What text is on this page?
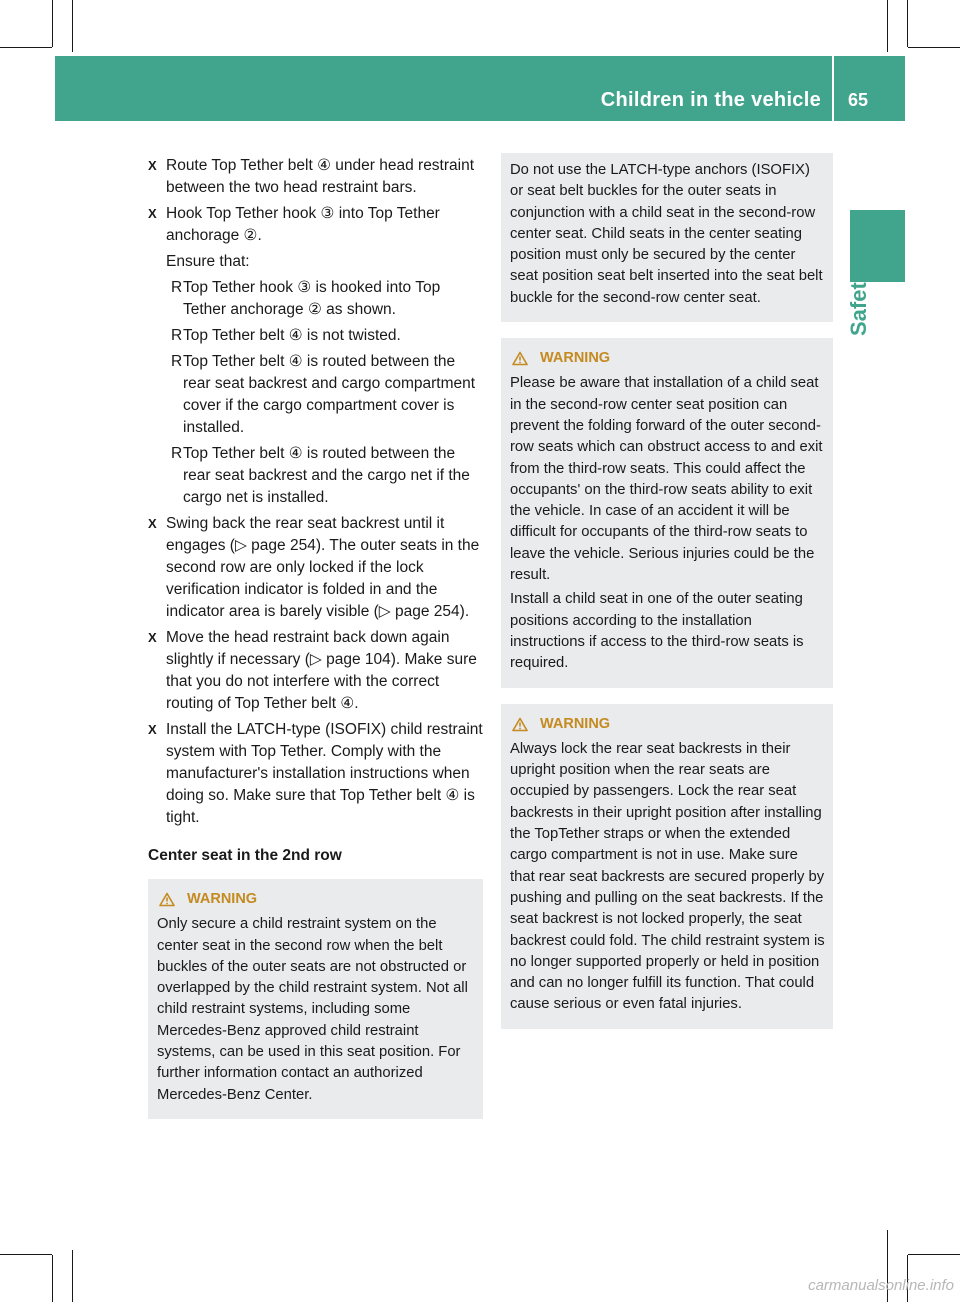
Children in the vehicle 65
Safety
X Route Top Tether belt ④ under head restraint between the two head restraint bars.
X Hook Top Tether hook ③ into Top Tether anchorage ②.
Ensure that:
R Top Tether hook ③ is hooked into Top Tether anchorage ② as shown.
R Top Tether belt ④ is not twisted.
R Top Tether belt ④ is routed between the rear seat backrest and cargo compartment cover if the cargo compartment cover is installed.
R Top Tether belt ④ is routed between the rear seat backrest and the cargo net if the cargo net is installed.
X Swing back the rear seat backrest until it engages (▷ page 254). The outer seats in the second row are only locked if the lock verification indicator is folded in and the indicator area is barely visible (▷ page 254).
X Move the head restraint back down again slightly if necessary (▷ page 104). Make sure that you do not interfere with the correct routing of Top Tether belt ④.
X Install the LATCH-type (ISOFIX) child restraint system with Top Tether. Comply with the manufacturer's installation instructions when doing so. Make sure that Top Tether belt ④ is tight.
Center seat in the 2nd row
WARNING

Only secure a child restraint system on the center seat in the second row when the belt buckles of the outer seats are not obstructed or overlapped by the child restraint system. Not all child restraint systems, including some Mercedes-Benz approved child restraint systems, can be used in this seat position. For further information contact an authorized Mercedes-Benz Center.

Do not use the LATCH-type anchors (ISOFIX) or seat belt buckles for the outer seats in conjunction with a child seat in the second-row center seat. Child seats in the center seating position must only be secured by the center seat position seat belt inserted into the seat belt buckle for the second-row center seat.

WARNING

Please be aware that installation of a child seat in the second-row center seat position can prevent the folding forward of the outer second-row seats which can obstruct access to and exit from the third-row seats. This could affect the occupants' on the third-row seats ability to exit the vehicle. In case of an accident it will be difficult for occupants of the third-row seats to leave the vehicle. Serious injuries could be the result.

Install a child seat in one of the outer seating positions according to the installation instructions if access to the third-row seats is required.

WARNING

Always lock the rear seat backrests in their upright position when the rear seats are occupied by passengers. Lock the rear seat backrests in their upright position after installing the TopTether straps or when the extended cargo compartment is not in use. Make sure that rear seat backrests are secured properly by pushing and pulling on the seat backrests. If the seat backrest is not locked properly, the seat backrest could fold. The child restraint system is no longer supported properly or held in position and can no longer fulfill its function. That could cause serious or even fatal injuries.

carmanualsonline.info
